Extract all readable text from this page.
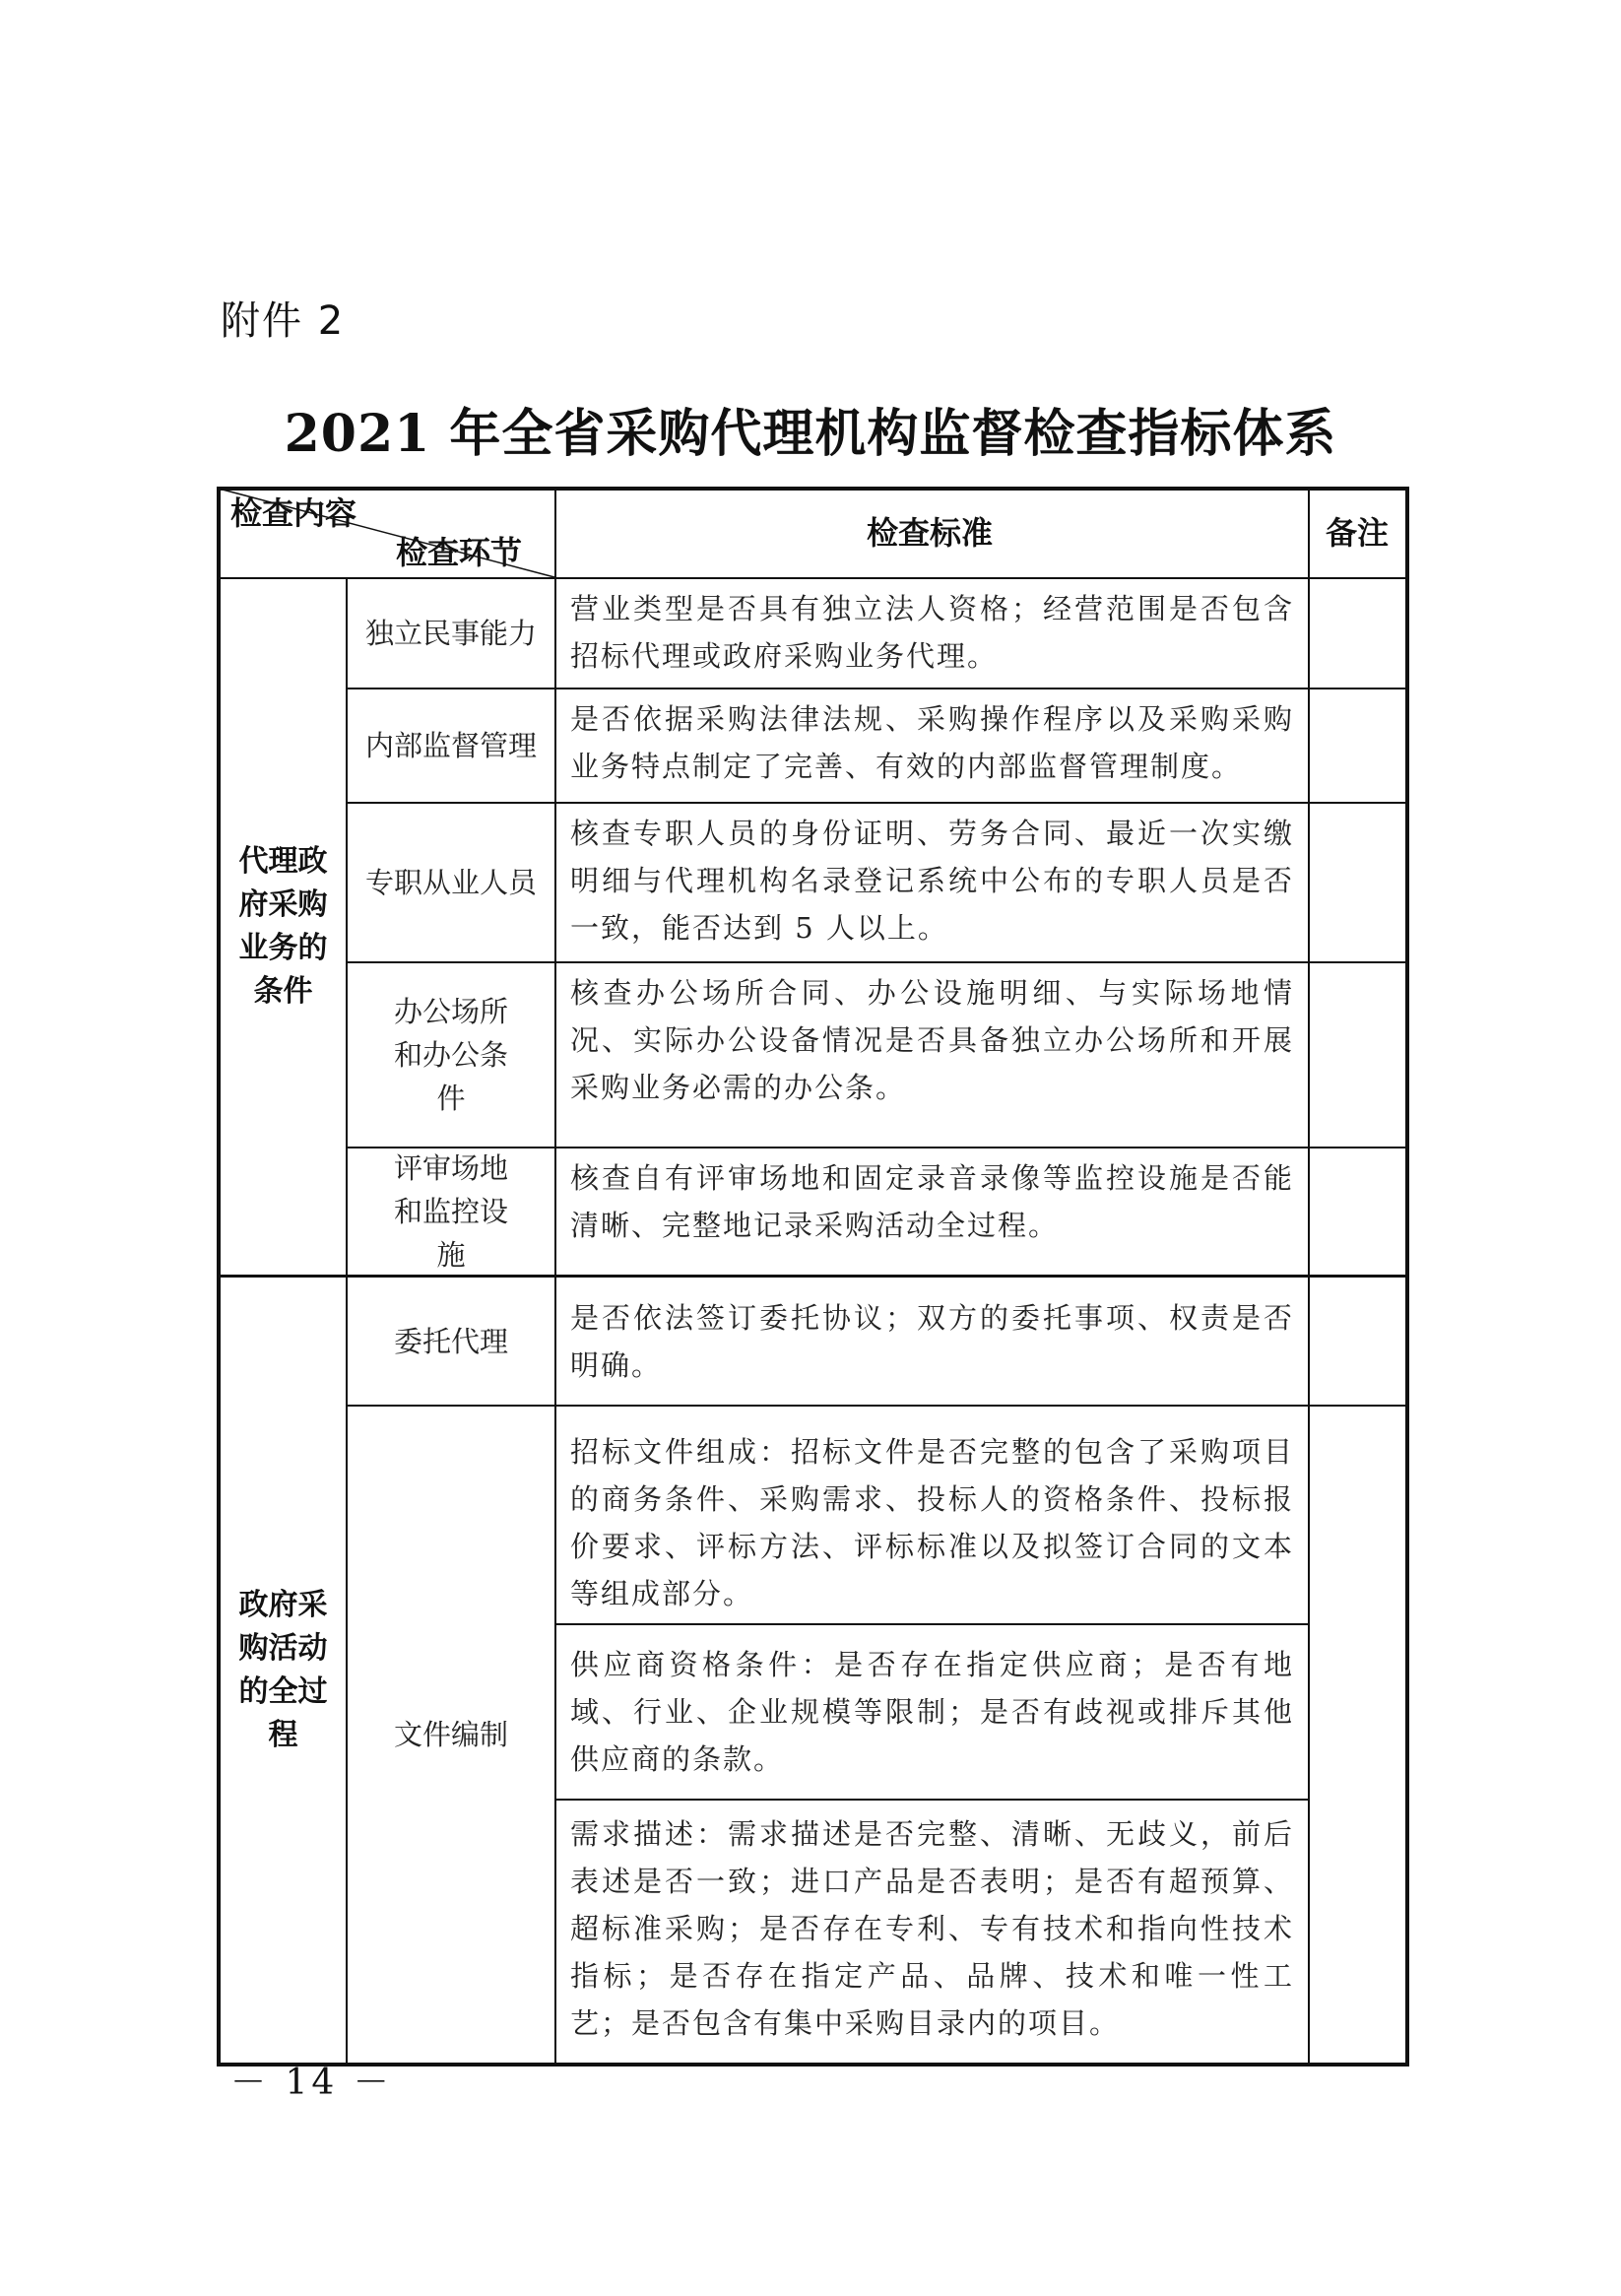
附件 2
2021 年全省采购代理机构监督检查指标体系
检查内容
检查环节
检查标准	备注
代理政府采购业务的条件
政府采购活动的全过程
独立民事能力
内部监督管理
专职从业人员
办公场所和办公条件
评审场地和监控设施
委托代理
文件编制
营业类型是否具有独立法人资格；经营范围是否包含招标代理或政府采购业务代理。
是否依据采购法律法规、采购操作程序以及采购采购业务特点制定了完善、有效的内部监督管理制度。
核查专职人员的身份证明、劳务合同、最近一次实缴明细与代理机构名录登记系统中公布的专职人员是否一致，能否达到 5 人以上。
核查办公场所合同、办公设施明细、与实际场地情况、实际办公设备情况是否具备独立办公场所和开展采购业务必需的办公条。
核查自有评审场地和固定录音录像等监控设施是否能清晰、完整地记录采购活动全过程。
是否依法签订委托协议；双方的委托事项、权责是否明确。
招标文件组成：招标文件是否完整的包含了采购项目的商务条件、采购需求、投标人的资格条件、投标报价要求、评标方法、评标标准以及拟签订合同的文本等组成部分。
供应商资格条件：是否存在指定供应商；是否有地域、行业、企业规模等限制；是否有歧视或排斥其他供应商的条款。
需求描述：需求描述是否完整、清晰、无歧义，前后表述是否一致；进口产品是否表明；是否有超预算、超标准采购；是否存在专利、专有技术和指向性技术指标；是否存在指定产品、品牌、技术和唯一性工艺；是否包含有集中采购目录内的项目。
－ 14 －
